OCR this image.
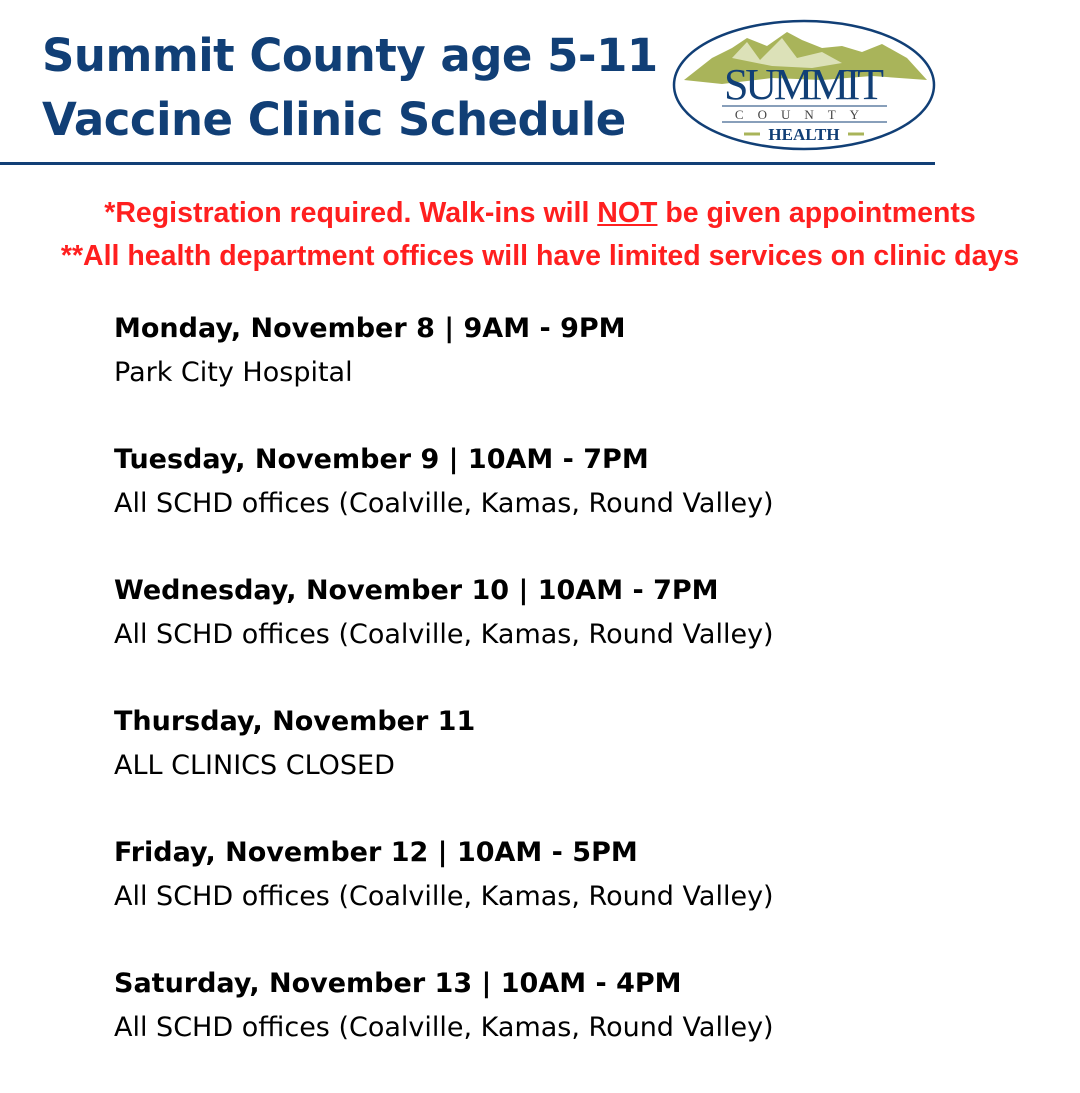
Summit County age 5-11
Vaccine Clinic Schedule
SUMMIT
COUNTY
HEALTH
*Registration required. Walk-ins will NOT be given appointments
**All health department offices will have limited services on clinic days
Monday, November 8 | 9AM - 9PM
Park City Hospital
Tuesday, November 9 | 10AM - 7PM
All SCHD offices (Coalville, Kamas, Round Valley)
Wednesday, November 10 | 10AM - 7PM
All SCHD offices (Coalville, Kamas, Round Valley)
Thursday, November 11
ALL CLINICS CLOSED
Friday, November 12 | 10AM - 5PM
All SCHD offices (Coalville, Kamas, Round Valley)
Saturday, November 13 | 10AM - 4PM
All SCHD offices (Coalville, Kamas, Round Valley)
